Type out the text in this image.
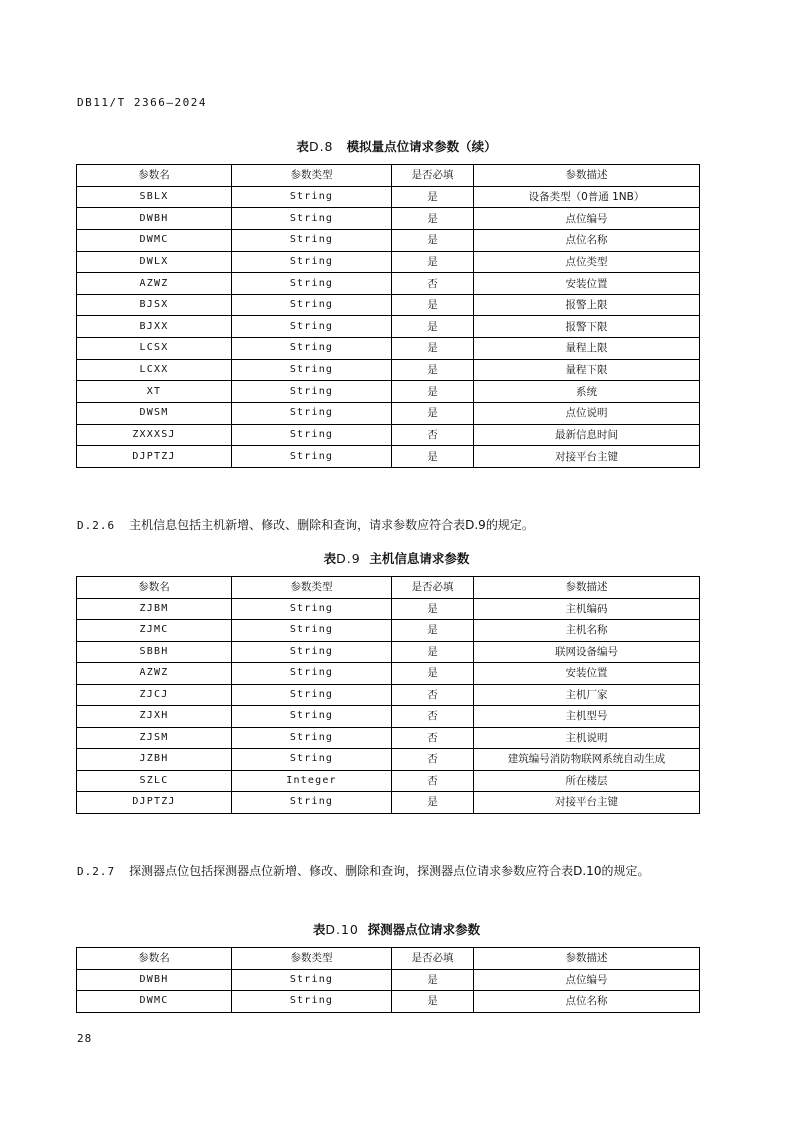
DB11/T 2366—2024
表D.8 模拟量点位请求参数（续）
参数名	参数类型	是否必填	参数描述
SBLX	String	是	设备类型（0普通 1NB）
DWBH	String	是	点位编号
DWMC	String	是	点位名称
DWLX	String	是	点位类型
AZWZ	String	否	安装位置
BJSX	String	是	报警上限
BJXX	String	是	报警下限
LCSX	String	是	量程上限
LCXX	String	是	量程下限
XT	String	是	系统
DWSM	String	是	点位说明
ZXXXSJ	String	否	最新信息时间
DJPTZJ	String	是	对接平台主键
D.2.6 主机信息包括主机新增、修改、删除和查询，请求参数应符合表D.9的规定。
表D.9 主机信息请求参数
参数名	参数类型	是否必填	参数描述
ZJBM	String	是	主机编码
ZJMC	String	是	主机名称
SBBH	String	是	联网设备编号
AZWZ	String	是	安装位置
ZJCJ	String	否	主机厂家
ZJXH	String	否	主机型号
ZJSM	String	否	主机说明
JZBH	String	否	建筑编号消防物联网系统自动生成
SZLC	Integer	否	所在楼层
DJPTZJ	String	是	对接平台主键
D.2.7 探测器点位包括探测器点位新增、修改、删除和查询，探测器点位请求参数应符合表D.10的规定。
表D.10 探测器点位请求参数
参数名	参数类型	是否必填	参数描述
DWBH	String	是	点位编号
DWMC	String	是	点位名称
28
